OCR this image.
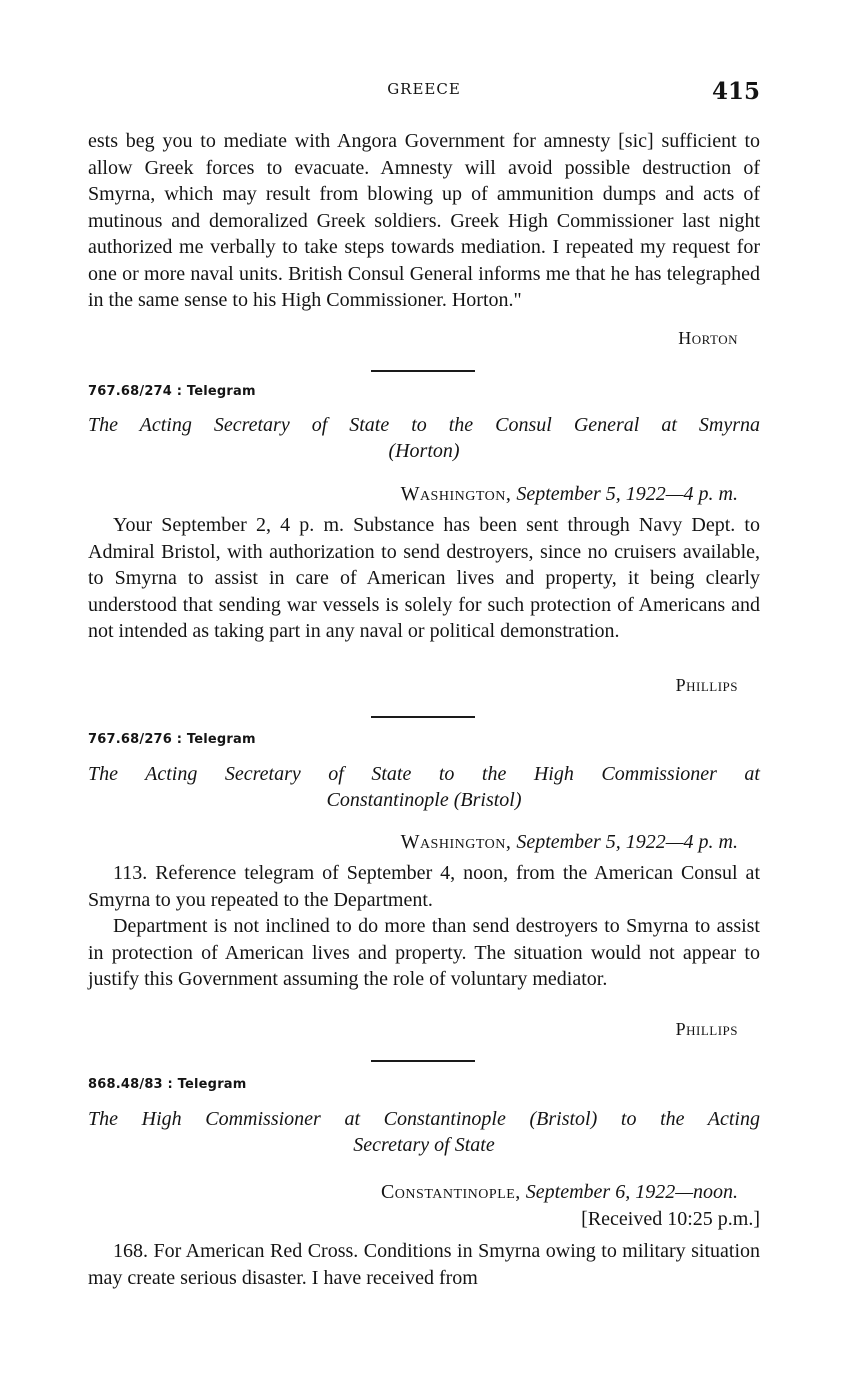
GREECE	415

ests beg you to mediate with Angora Government for amnesty [sic] sufficient to allow Greek forces to evacuate. Amnesty will avoid possible destruction of Smyrna, which may result from blowing up of ammunition dumps and acts of mutinous and demoralized Greek soldiers. Greek High Commissioner last night authorized me verbally to take steps towards mediation. I repeated my request for one or more naval units. British Consul General informs me that he has telegraphed in the same sense to his High Commissioner. Horton."

Horton
767.68/274 : Telegram
The Acting Secretary of State to the Consul General at Smyrna
(Horton)
Washington, September 5, 1922—4 p. m.

Your September 2, 4 p. m. Substance has been sent through Navy Dept. to Admiral Bristol, with authorization to send destroyers, since no cruisers available, to Smyrna to assist in care of American lives and property, it being clearly understood that sending war vessels is solely for such protection of Americans and not intended as taking part in any naval or political demonstration.

Phillips
767.68/276 : Telegram
The Acting Secretary of State to the High Commissioner at
Constantinople (Bristol)
Washington, September 5, 1922—4 p. m.

113. Reference telegram of September 4, noon, from the American Consul at Smyrna to you repeated to the Department.

Department is not inclined to do more than send destroyers to Smyrna to assist in protection of American lives and property. The situation would not appear to justify this Government assuming the role of voluntary mediator.

Phillips
868.48/83 : Telegram
The High Commissioner at Constantinople (Bristol) to the Acting
Secretary of State
Constantinople, September 6, 1922—noon.
[Received 10:25 p.m.]

168. For American Red Cross. Conditions in Smyrna owing to military situation may create serious disaster. I have received from
